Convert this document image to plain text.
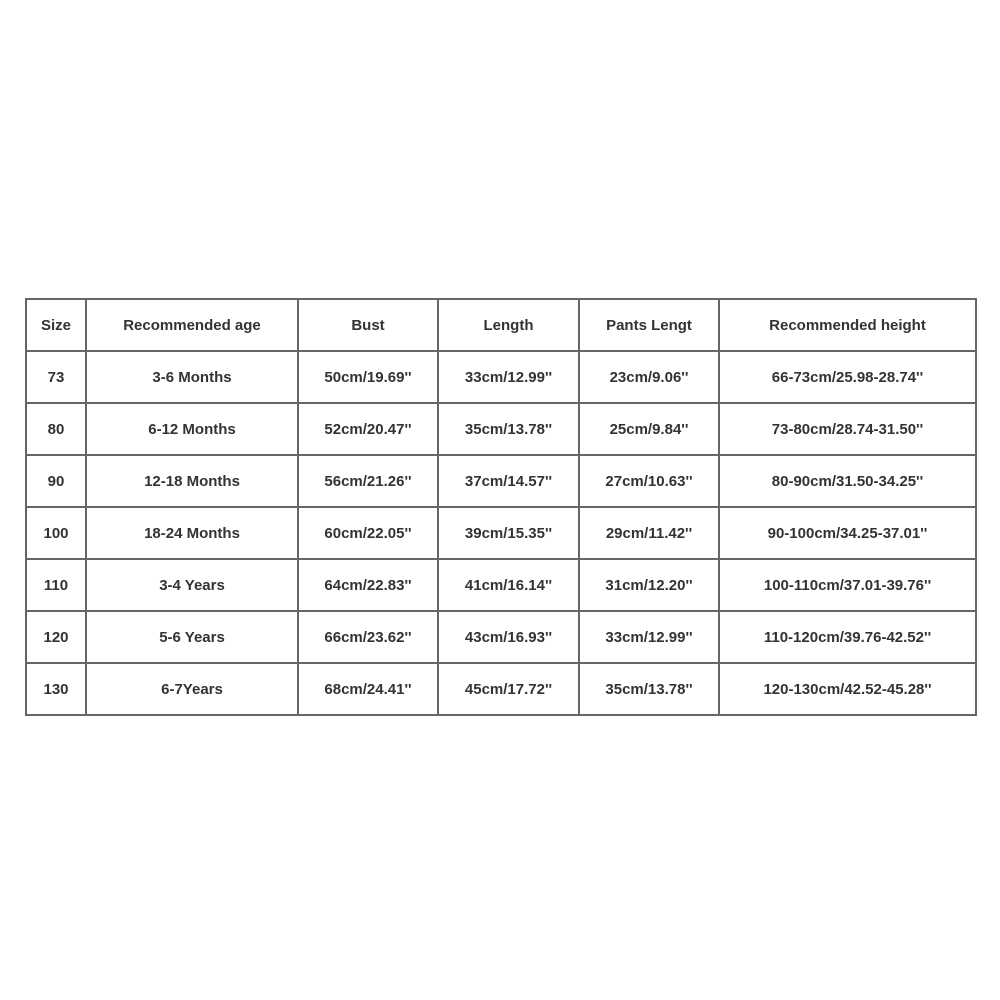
Size	Recommended age	Bust	Length	Pants Lengt	Recommended height
73	3-6 Months	50cm/19.69''	33cm/12.99''	23cm/9.06''	66-73cm/25.98-28.74''
80	6-12 Months	52cm/20.47''	35cm/13.78''	25cm/9.84''	73-80cm/28.74-31.50''
90	12-18 Months	56cm/21.26''	37cm/14.57''	27cm/10.63''	80-90cm/31.50-34.25''
100	18-24 Months	60cm/22.05''	39cm/15.35''	29cm/11.42''	90-100cm/34.25-37.01''
110	3-4 Years	64cm/22.83''	41cm/16.14''	31cm/12.20''	100-110cm/37.01-39.76''
120	5-6 Years	66cm/23.62''	43cm/16.93''	33cm/12.99''	110-120cm/39.76-42.52''
130	6-7Years	68cm/24.41''	45cm/17.72''	35cm/13.78''	120-130cm/42.52-45.28''
